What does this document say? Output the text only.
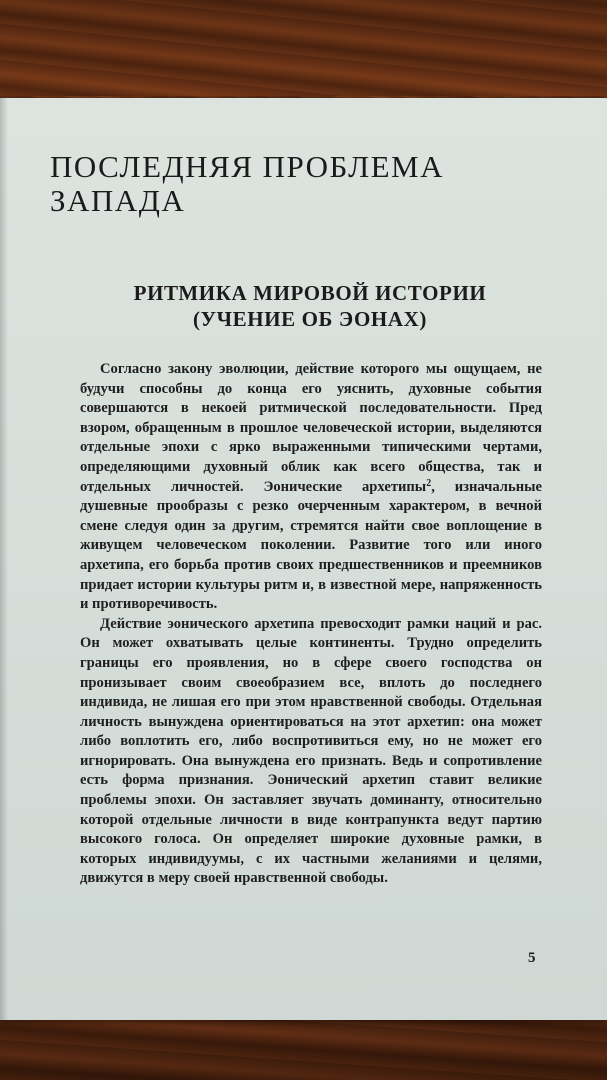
ПОСЛЕДНЯЯ ПРОБЛЕМА
ЗАПАДА
РИТМИКА МИРОВОЙ ИСТОРИИ
(УЧЕНИЕ ОБ ЭОНАХ)

Согласно закону эволюции, действие которого мы ощущаем, не будучи способны до конца его уяснить, духовные события совершаются в некоей ритмической последовательности. Пред взором, обращенным в прошлое человеческой истории, выделяются отдельные эпохи с ярко выраженными типическими чертами, определяющими духовный облик как всего общества, так и отдельных личностей. Эонические архетипы$^2$, изначальные душевные прообразы с резко очерченным характером, в вечной смене следуя один за другим, стремятся найти свое воплощение в живущем человеческом поколении. Развитие того или иного архетипа, его борьба против своих предшественников и преемников придает истории культуры ритм и, в известной мере, напряженность и противоречивость.

Действие эонического архетипа превосходит рамки наций и рас. Он может охватывать целые континенты. Трудно определить границы его проявления, но в сфере своего господства он пронизывает своим своеобразием все, вплоть до последнего индивида, не лишая его при этом нравственной свободы. Отдельная личность вынуждена ориентироваться на этот архетип: она может либо воплотить его, либо воспротивиться ему, но не может его игнорировать. Она вынуждена его признать. Ведь и сопротивление есть форма признания. Эонический архетип ставит великие проблемы эпохи. Он заставляет звучать доминанту, относительно которой отдельные личности в виде контрапункта ведут партию высокого голоса. Он определяет широкие духовные рамки, в которых индивидуумы, с их частными желаниями и целями, движутся в меру своей нравственной свободы.

5
